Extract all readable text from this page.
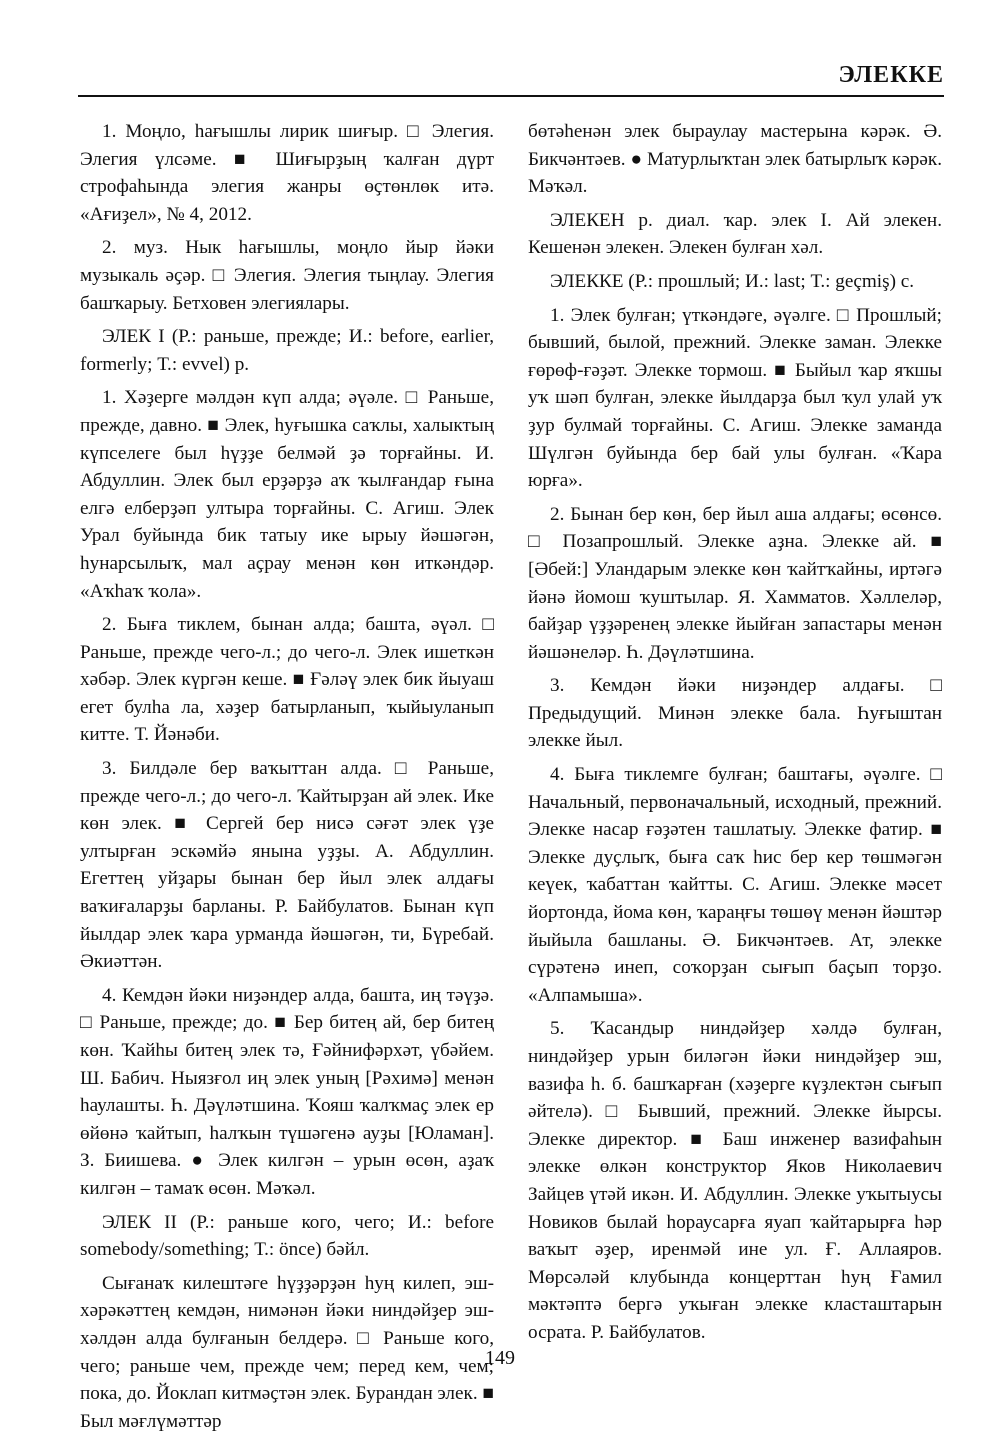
ЭЛЕККЕ

1. Моңло, һағышлы лирик шиғыр. □ Элегия. Элегия үлсәме. ■ Шиғырҙың ҡалған дүрт строфаһында элегия жанры өҫтөнлөк итә. «Ағиҙел», № 4, 2012.

2. муз. Нык һағышлы, моңло йыр йәки музыкаль әҫәр. □ Элегия. Элегия тыңлау. Элегия башҡарыу. Бетховен элегиялары.

ЭЛЕК I (Р.: раньше, прежде; И.: before, earlier, formerly; Т.: evvel) р.

1. Хәҙерге мәлдән күп алда; әүәле. □ Раньше, прежде, давно. ■ Элек, һуғышка саҡлы, халыктың күпселеге был һүҙҙе белмәй ҙә торғайны. И. Абдуллин. Элек был ерҙәрҙә аҡ ҡылғандар ғына елгә елберҙәп ултыра торғайны. С. Агиш. Элек Урал буйында бик татыу ике ырыу йәшәгән, һунарсылыҡ, мал аҫрау менән көн иткәндәр. «Аҡһаҡ ҡола».

2. Быға тиклем, бынан алда; башта, әүәл. □ Раньше, прежде чего-л.; до чего-л. Элек ишеткән хәбәр. Элек күргән кеше. ■ Ғәләү элек бик йыуаш егет булһа ла, хәҙер батырланып, ҡыйыуланып китте. Т. Йәнәби.

3. Билдәле бер ваҡыттан алда. □ Раньше, прежде чего-л.; до чего-л. Ҡайтырҙан ай элек. Ике көн элек. ■ Сергей бер нисә сәғәт элек үҙе ултырған эскәмйә янына уҙҙы. А. Абдуллин. Егеттең уйҙары бынан бер йыл элек алдағы ваҡиғаларҙы барланы. Р. Байбулатов. Бынан күп йылдар элек ҡара урманда йәшәгән, ти, Бүребай. Әкиәттән.

4. Кемдән йәки ниҙәндер алда, башта, иң тәүҙә. □ Раньше, прежде; до. ■ Бер битең ай, бер битең көн. Ҡайһы битең элек тә, Ғәйнифәрхәт, үбәйем. Ш. Бабич. Ныязғол иң элек уның [Рәхимә] менән һаулашты. Һ. Дәүләтшина. Ҡояш ҡалҡмаҫ элек ер өйөнә ҡайтып, һалҡын түшәгенә ауҙы [Юламан]. З. Биишева. ● Элек килгән – урын өсөн, аҙаҡ килгән – тамаҡ өсөн. Мәҡәл.

ЭЛЕК II (Р.: раньше кого, чего; И.: before somebody/something; Т.: önce) бәйл.

Сығанаҡ килештәге һүҙҙәрҙән һуң килеп, эш-хәрәкәттең кемдән, нимәнән йәки ниндәйҙер эш-хәлдән алда булғанын белдерә. □ Раньше кого, чего; раньше чем, прежде чем; перед кем, чем; пока, до. Йоклап китмәҫтән элек. Бурандан элек. ■ Был мәғлүмәттәр

бөтәһенән элек быраулау мастерына кәрәк. Ә. Бикчәнтәев. ● Матурлыҡтан элек батырлыҡ кәрәк. Мәҡәл.

ЭЛЕКЕН р. диал. ҡар. элек I. Ай элекен. Кешенән элекен. Элекен булған хәл.

ЭЛЕККЕ (Р.: прошлый; И.: last; Т.: geçmiş) с.

1. Элек булған; үткәндәге, әүәлге. □ Прошлый; бывший, былой, прежний. Элекке заман. Элекке ғөрөф-ғәҙәт. Элекке тормош. ■ Быйыл ҡар яҡшы уҡ шәп булған, элекке йылдарҙа был ҡул улай уҡ ҙур булмай торғайны. С. Агиш. Элекке заманда Шүлгән буйында бер бай улы булған. «Ҡара юрға».

2. Бынан бер көн, бер йыл аша алдағы; өсөнсө. □ Позапрошлый. Элекке аҙна. Элекке ай. ■ [Әбей:] Уландарым элекке көн ҡайтҡайны, иртәгә йәнә йомош ҡуштылар. Я. Хамматов. Хәллеләр, байҙар үҙҙәренең элекке йыйған запастары менән йәшәнеләр. Һ. Дәүләтшина.

3. Кемдән йәки ниҙәндер алдағы. □ Предыдущий. Минән элекке бала. Һуғыштан элекке йыл.

4. Быға тиклемге булған; баштағы, әүәлге. □ Начальный, первоначальный, исходный, прежний. Элекке насар ғәҙәтен ташлатыу. Элекке фатир. ■ Элекке дуҫлыҡ, быға саҡ һис бер кер төшмәгән кеүек, ҡабаттан ҡайтты. С. Агиш. Элекке мәсет йортонда, йома көн, ҡараңғы төшөү менән йәштәр йыйыла башланы. Ә. Бикчәнтәев. Ат, элекке сүрәтенә инеп, соҡорҙан сығып баҫып торҙо. «Алпамыша».

5. Ҡасандыр ниндәйҙер хәлдә булған, ниндәйҙер урын биләгән йәки ниндәйҙер эш, вазифа һ. б. башҡарған (хәҙерге күҙлектән сығып әйтелә). □ Бывший, прежний. Элекке йырсы. Элекке директор. ■ Баш инженер вазифаһын элекке өлкән конструктор Яков Николаевич Зайцев үтәй икән. И. Абдуллин. Элекке уҡытыусы Новиков былай һораусарға яуап ҡайтарырға һәр ваҡыт әҙер, иренмәй ине ул. Ғ. Аллаяров. Мөрсәләй клубында концерттан һуң Ғамил мәктәптә бергә уҡыған элекке класташтарын осрата. Р. Байбулатов.

149
